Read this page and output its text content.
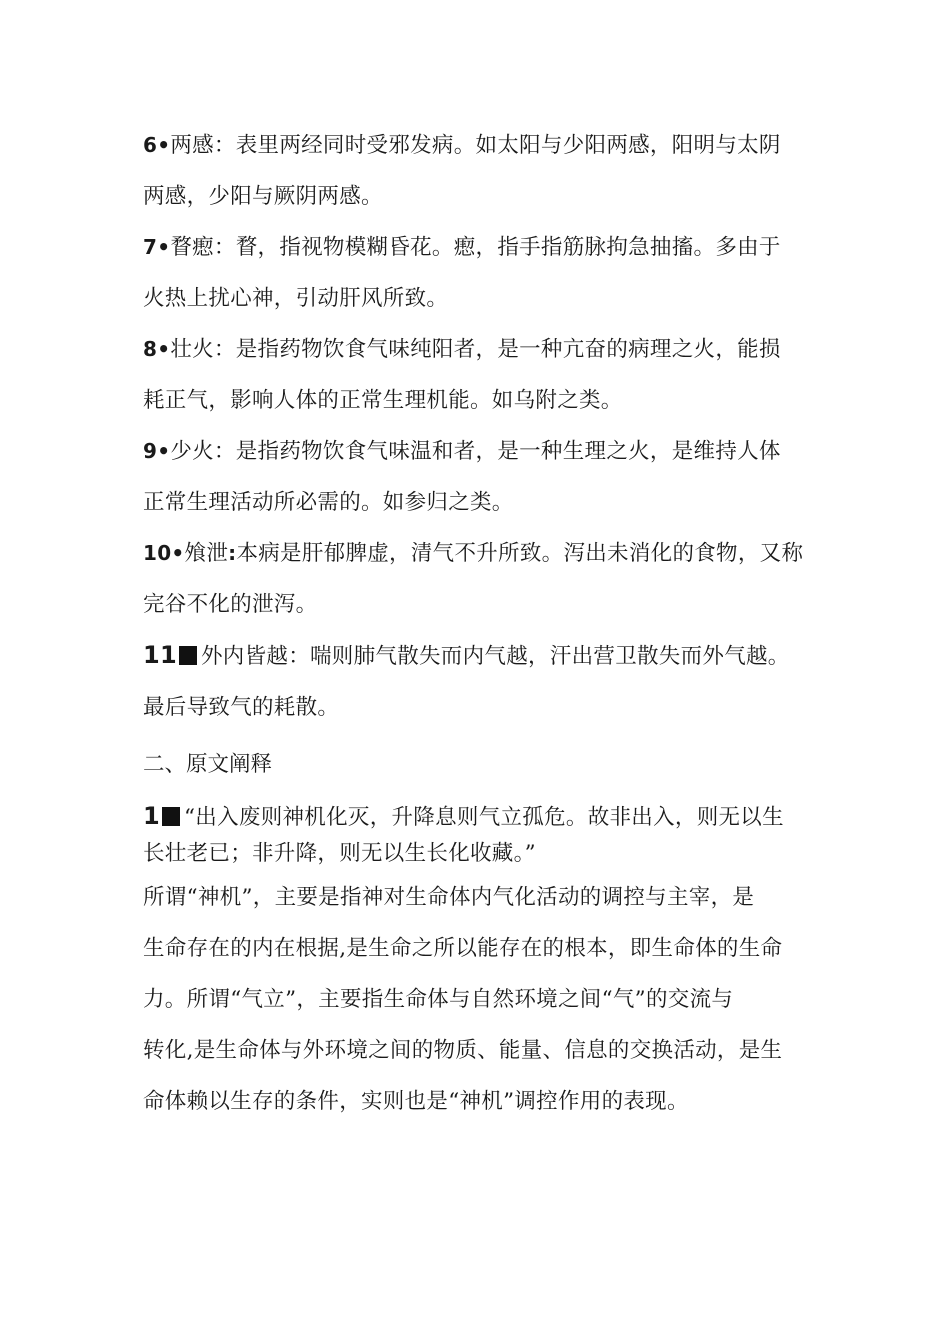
6•两感：表里两经同时受邪发病。如太阳与少阳两感，阳明与太阴

两感，少阳与厥阴两感。

7•瞀瘛：瞀，指视物模糊昏花。瘛，指手指筋脉拘急抽搐。多由于

火热上扰心神，引动肝风所致。

8•壮火：是指药物饮食气味纯阳者，是一种亢奋的病理之火，能损

耗正气，影响人体的正常生理机能。如乌附之类。

9•少火：是指药物饮食气味温和者，是一种生理之火，是维持人体

正常生理活动所必需的。如参归之类。

10•飧泄:本病是肝郁脾虚，清气不升所致。泻出未消化的食物，又称

完谷不化的泄泻。

11 外内皆越：喘则肺气散失而内气越，汗出营卫散失而外气越。

最后导致气的耗散。

二、原文阐释

1 “出入废则神机化灭，升降息则气立孤危。故非出入，则无以生

长壮老已；非升降，则无以生长化收藏。”

所谓“神机”，主要是指神对生命体内气化活动的调控与主宰，是

生命存在的内在根据,是生命之所以能存在的根本，即生命体的生命

力。所谓“气立”，主要指生命体与自然环境之间“气”的交流与

转化,是生命体与外环境之间的物质、能量、信息的交换活动，是生

命体赖以生存的条件，实则也是“神机”调控作用的表现。
